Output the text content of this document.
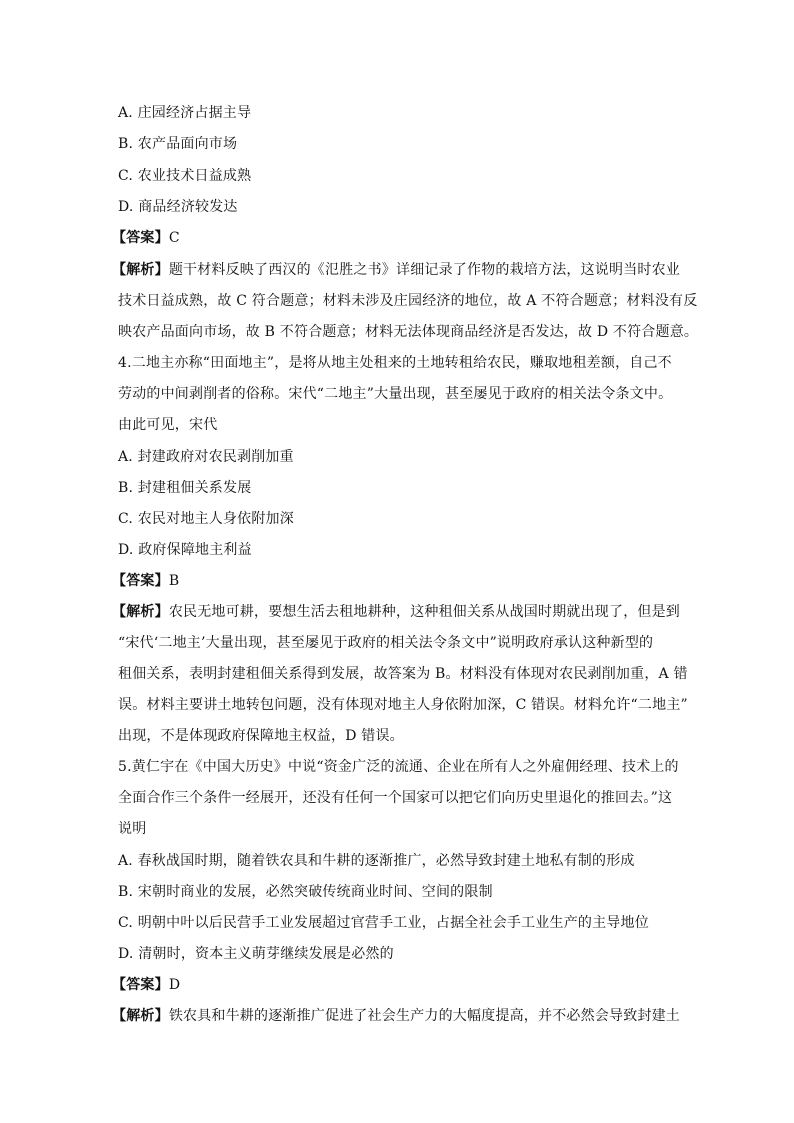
A. 庄园经济占据主导
B. 农产品面向市场
C. 农业技术日益成熟
D. 商品经济较发达
【答案】C
【解析】题干材料反映了西汉的《氾胜之书》详细记录了作物的栽培方法，这说明当时农业
技术日益成熟，故 C 符合题意；材料未涉及庄园经济的地位，故 A 不符合题意；材料没有反
映农产品面向市场，故 B 不符合题意；材料无法体现商品经济是否发达，故 D 不符合题意。
4.二地主亦称“田面地主”，是将从地主处租来的土地转租给农民，赚取地租差额，自己不
劳动的中间剥削者的俗称。宋代“二地主”大量出现，甚至屡见于政府的相关法令条文中。
由此可见，宋代
A. 封建政府对农民剥削加重
B. 封建租佃关系发展
C. 农民对地主人身依附加深
D. 政府保障地主利益
【答案】B
【解析】农民无地可耕，要想生活去租地耕种，这种租佃关系从战国时期就出现了，但是到
“宋代‘二地主’大量出现，甚至屡见于政府的相关法令条文中”说明政府承认这种新型的
租佃关系，表明封建租佃关系得到发展，故答案为 B。材料没有体现对农民剥削加重，A 错
误。材料主要讲土地转包问题，没有体现对地主人身依附加深，C 错误。材料允许“二地主”
出现，不是体现政府保障地主权益，D 错误。
5.黄仁宇在《中国大历史》中说“资金广泛的流通、企业在所有人之外雇佣经理、技术上的
全面合作三个条件一经展开，还没有任何一个国家可以把它们向历史里退化的推回去。”这
说明
A. 春秋战国时期，随着铁农具和牛耕的逐渐推广，必然导致封建土地私有制的形成
B. 宋朝时商业的发展，必然突破传统商业时间、空间的限制
C. 明朝中叶以后民营手工业发展超过官营手工业，占据全社会手工业生产的主导地位
D. 清朝时，资本主义萌芽继续发展是必然的
【答案】D
【解析】铁农具和牛耕的逐渐推广促进了社会生产力的大幅度提高，并不必然会导致封建土
